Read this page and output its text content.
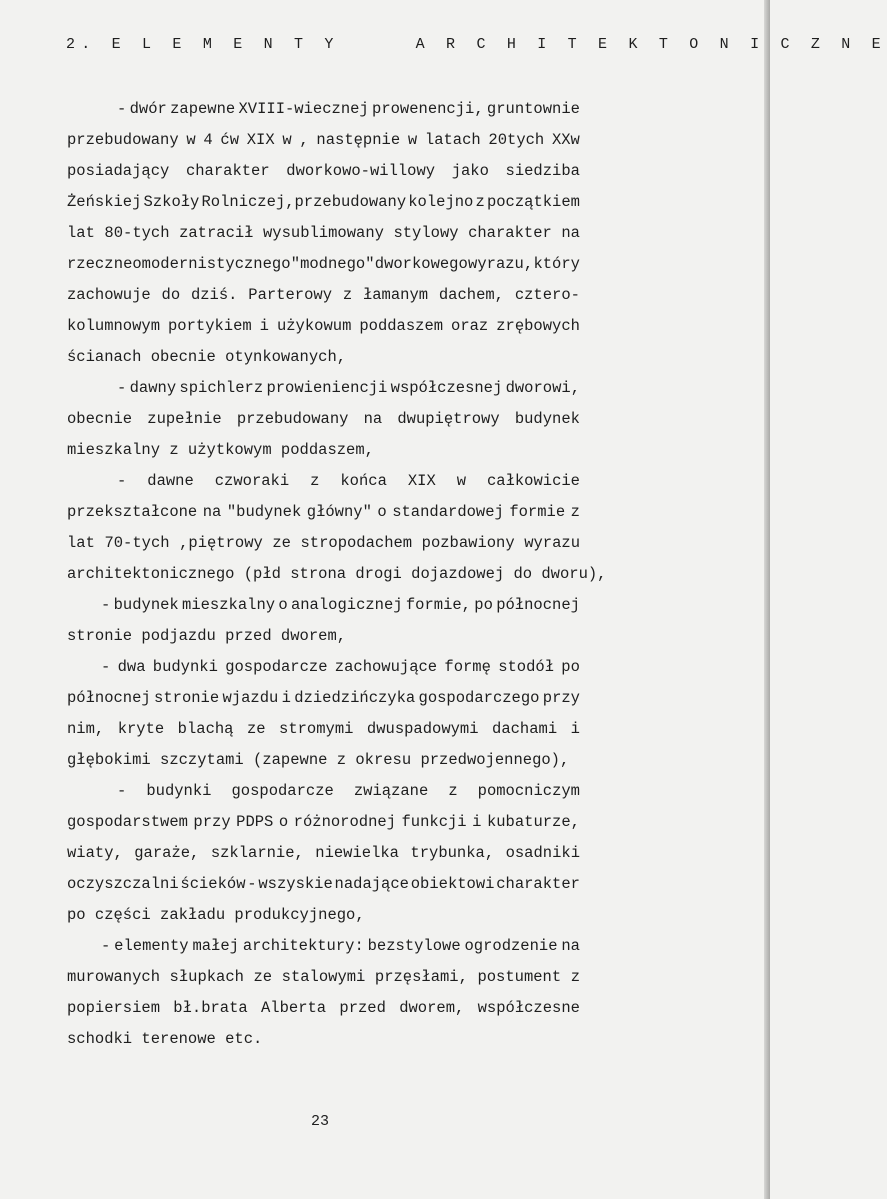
2. E L E M E N T Y     A R C H I T E K T O N I C Z N E
- dwór zapewne XVIII-wiecznej prowenencji, gruntownie
przebudowany w 4 ćw XIX w , następnie w latach 20tych XXw
posiadający charakter dworkowo-willowy jako siedziba
Żeńskiej Szkoły Rolniczej,przebudowany kolejno z początkiem
lat 80-tych zatracił wysublimowany stylowy charakter na
rzecz neomodernistycznego "modnego" dworkowego wyrazu, który
zachowuje do dziś. Parterowy z łamanym dachem, cztero-
kolumnowym portykiem i użykowum poddaszem oraz zrębowych
ścianach obecnie otynkowanych,
- dawny spichlerz prowieniencji współczesnej dworowi,
obecnie zupełnie przebudowany na dwupiętrowy budynek
mieszkalny z użytkowym poddaszem,
- dawne czworaki z końca XIX w całkowicie
przekształcone na "budynek główny" o standardowej formie z
lat 70-tych ,piętrowy ze stropodachem pozbawiony wyrazu
architektonicznego (płd strona drogi dojazdowej do dworu),
- budynek mieszkalny o analogicznej formie, po północnej
stronie podjazdu przed dworem,
- dwa budynki gospodarcze zachowujące formę stodół po
północnej stronie wjazdu i dziedzińczyka gospodarczego przy
nim, kryte blachą ze stromymi dwuspadowymi dachami i
głębokimi szczytami (zapewne z okresu przedwojennego),
- budynki gospodarcze związane z pomocniczym
gospodarstwem przy PDPS o różnorodnej funkcji i kubaturze,
wiaty, garaże, szklarnie, niewielka trybunka, osadniki
oczyszczalni ścieków - wszyskie nadające obiektowi charakter
po części zakładu produkcyjnego,
- elementy małej architektury: bezstylowe ogrodzenie na
murowanych słupkach ze stalowymi przęsłami, postument z
popiersiem bł.brata Alberta przed dworem, współczesne
schodki terenowe etc.
23
